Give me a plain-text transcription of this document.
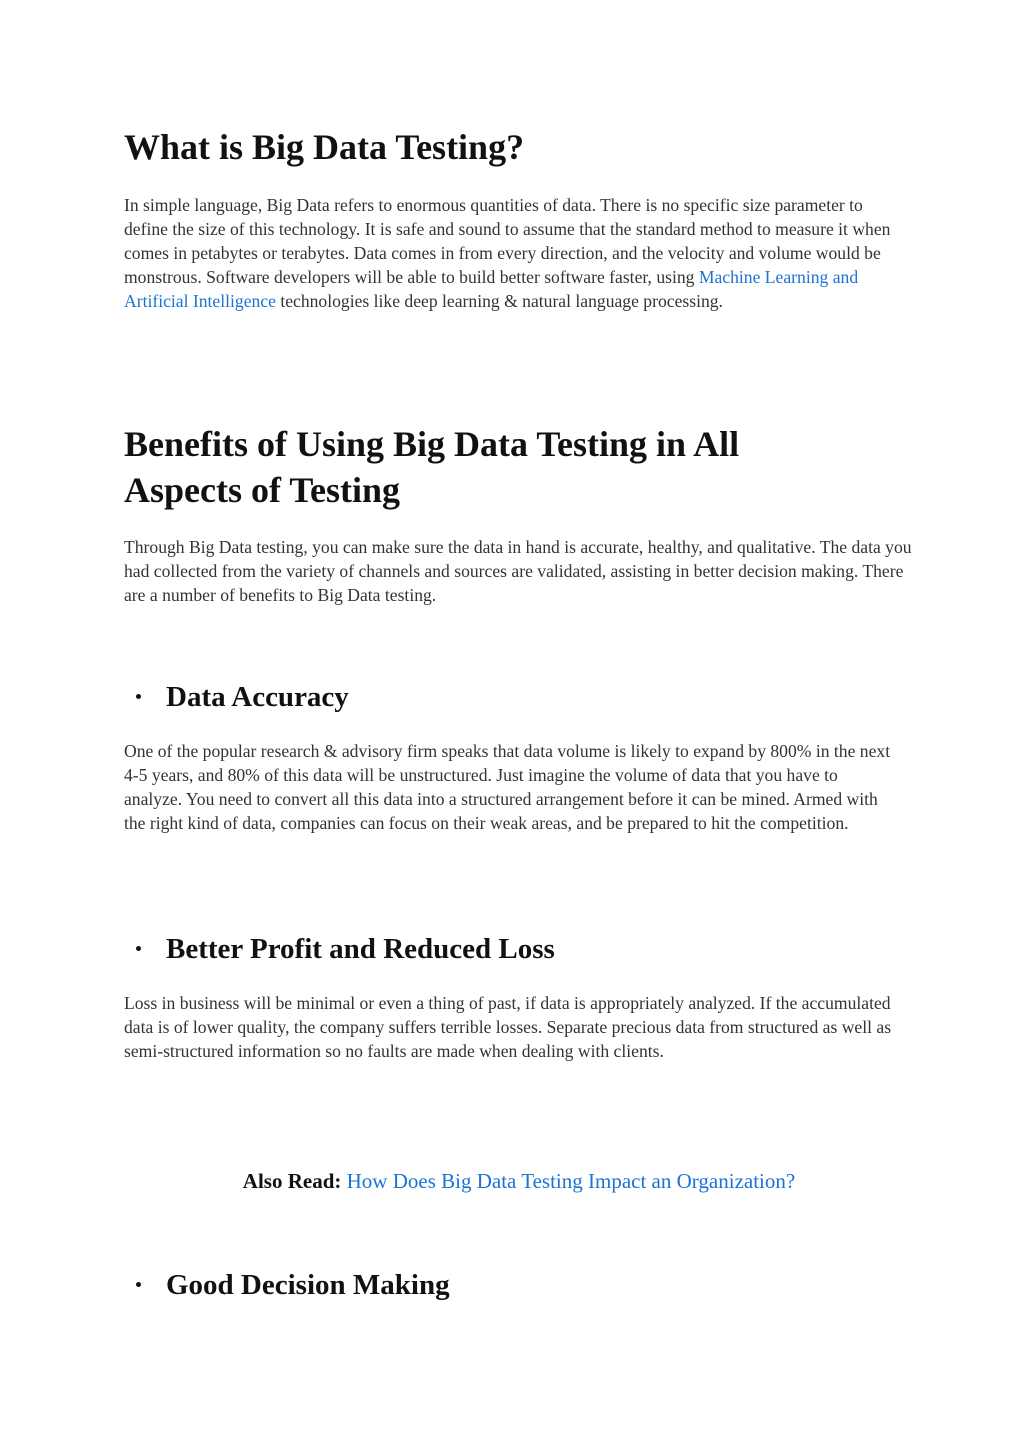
What is Big Data Testing?

In simple language, Big Data refers to enormous quantities of data. There is no specific size parameter to define the size of this technology. It is safe and sound to assume that the standard method to measure it when comes in petabytes or terabytes. Data comes in from every direction, and the velocity and volume would be monstrous. Software developers will be able to build better software faster, using Machine Learning and Artificial Intelligence technologies like deep learning & natural language processing.

Benefits of Using Big Data Testing in All Aspects of Testing

Through Big Data testing, you can make sure the data in hand is accurate, healthy, and qualitative. The data you had collected from the variety of channels and sources are validated, assisting in better decision making. There are a number of benefits to Big Data testing.

Data Accuracy

One of the popular research & advisory firm speaks that data volume is likely to expand by 800% in the next 4-5 years, and 80% of this data will be unstructured. Just imagine the volume of data that you have to analyze. You need to convert all this data into a structured arrangement before it can be mined. Armed with the right kind of data, companies can focus on their weak areas, and be prepared to hit the competition.

Better Profit and Reduced Loss

Loss in business will be minimal or even a thing of past, if data is appropriately analyzed. If the accumulated data is of lower quality, the company suffers terrible losses. Separate precious data from structured as well as semi-structured information so no faults are made when dealing with clients.

Also Read: How Does Big Data Testing Impact an Organization?
Good Decision Making
